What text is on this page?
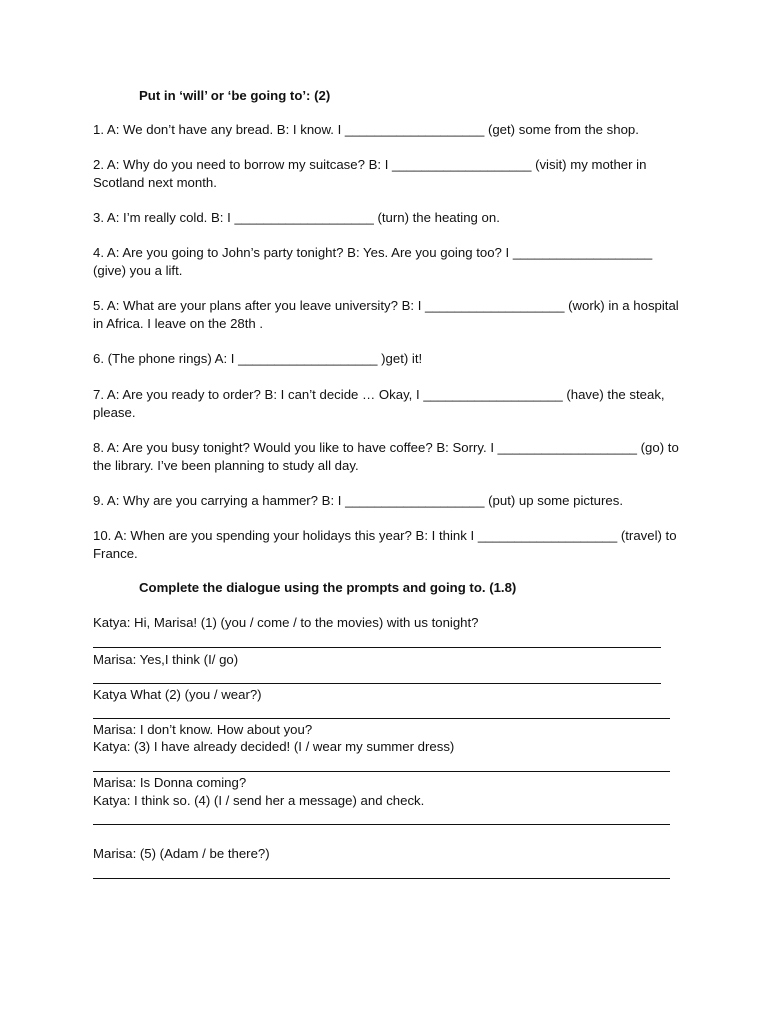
Put in ‘will’ or ‘be going to’: (2)
1. A: We don’t have any bread. B: I know. I ___________________ (get) some from the shop.
2. A: Why do you need to borrow my suitcase? B: I ___________________ (visit) my mother in Scotland next month.
3. A: I’m really cold. B: I ___________________ (turn) the heating on.
4. A: Are you going to John’s party tonight? B: Yes. Are you going too? I ___________________ (give) you a lift.
5. A: What are your plans after you leave university? B: I ___________________ (work) in a hospital in Africa. I leave on the 28th .
6. (The phone rings) A: I ___________________ )get) it!
7. A: Are you ready to order? B: I can’t decide … Okay, I ___________________ (have) the steak, please.
8. A: Are you busy tonight? Would you like to have coffee? B: Sorry. I ___________________ (go) to the library. I’ve been planning to study all day.
9. A: Why are you carrying a hammer? B: I ___________________ (put) up some pictures.
10. A: When are you spending your holidays this year? B: I think I ___________________ (travel) to France.
Complete the dialogue using the prompts and going to. (1.8)
Katya: Hi, Marisa! (1) (you / come / to the movies) with us tonight?
Marisa: Yes,I think (I/ go)
Katya What (2) (you / wear?)
Marisa: I don’t know. How about you?
Katya: (3) I have already decided! (I / wear my summer dress)
Marisa: Is Donna coming?
Katya: I think so. (4) (I / send her a message) and check.
Marisa: (5) (Adam / be there?)
